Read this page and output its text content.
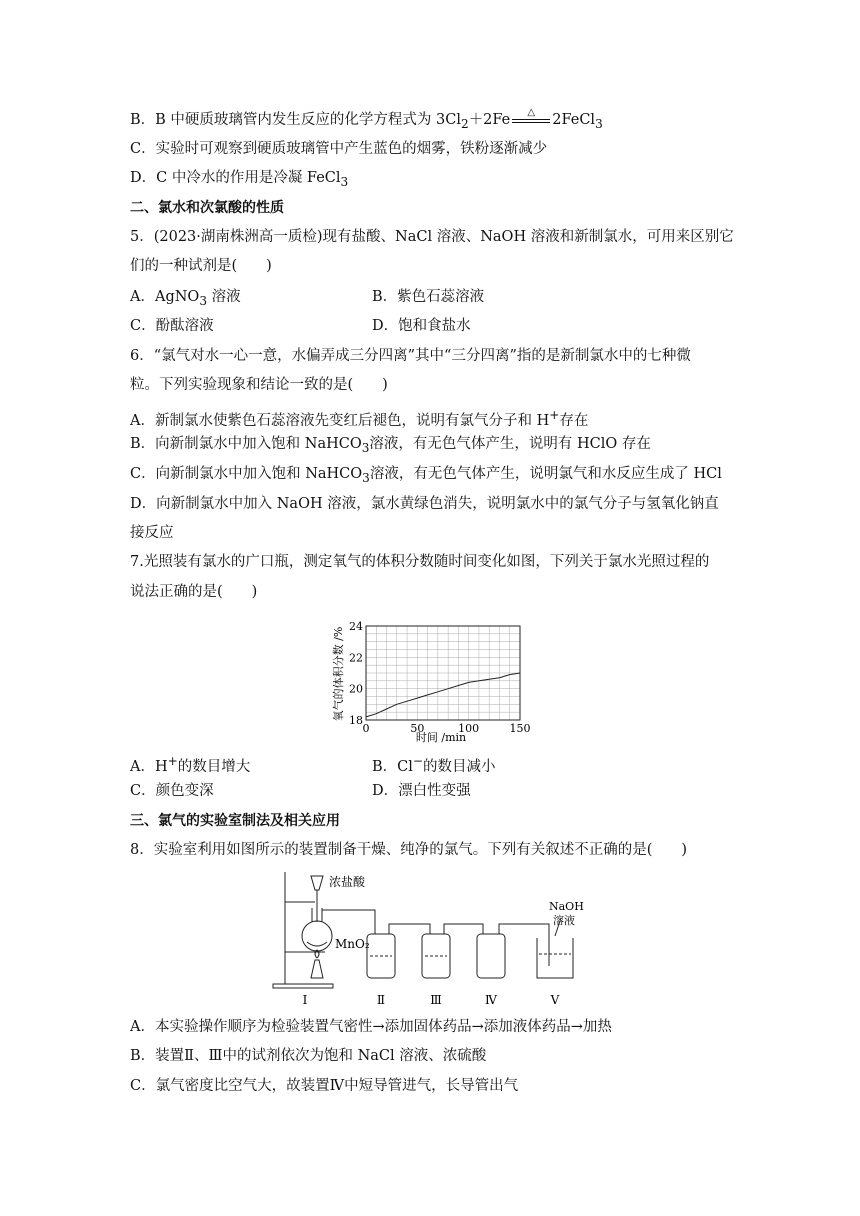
B．B 中硬质玻璃管内发生反应的化学方程式为 $3Cl_2+2Fe$	△	2FeCl$_3$
C．实验时可观察到硬质玻璃管中产生蓝色的烟雾，铁粉逐渐减少
D．C 中冷水的作用是冷凝 FeCl$_3$
二、氯水和次氯酸的性质
5．(2023·湖南株洲高一质检)现有盐酸、NaCl 溶液、NaOH 溶液和新制氯水，可用来区别它
们的一种试剂是(　　)
A．AgNO$_3$ 溶液	B．紫色石蕊溶液
C．酚酞溶液	D．饱和食盐水
6．“氯气对水一心一意，水偏弄成三分四离”其中“三分四离”指的是新制氯水中的七种微
粒。下列实验现象和结论一致的是(　　)
A．新制氯水使紫色石蕊溶液先变红后褪色，说明有氯气分子和 H+存在
B．向新制氯水中加入饱和 NaHCO$_3$溶液，有无色气体产生，说明有 HClO 存在
C．向新制氯水中加入饱和 NaHCO$_3$溶液，有无色气体产生，说明氯气和水反应生成了 HCl
D．向新制氯水中加入 NaOH 溶液，氯水黄绿色消失，说明氯水中的氯气分子与氢氧化钠直
接反应
7.光照装有氯水的广口瓶，测定氧气的体积分数随时间变化如图，下列关于氯水光照过程的
说法正确的是(　　)
0	50	100	150
18
20
22
24
时间 /min
氧气的体积分数 /%
A．H+的数目增大	B．Cl−的数目减小
C．颜色变深	D．漂白性变强
三、氯气的实验室制法及相关应用
8．实验室利用如图所示的装置制备干燥、纯净的氯气。下列有关叙述不正确的是(　　)
浓盐酸
MnO₂
NaOH
溶液
Ⅰ	Ⅱ	Ⅲ	Ⅳ	Ⅴ
A．本实验操作顺序为检验装置气密性→添加固体药品→添加液体药品→加热
B．装置Ⅱ、Ⅲ中的试剂依次为饱和 NaCl 溶液、浓硫酸
C．氯气密度比空气大，故装置Ⅳ中短导管进气，长导管出气
